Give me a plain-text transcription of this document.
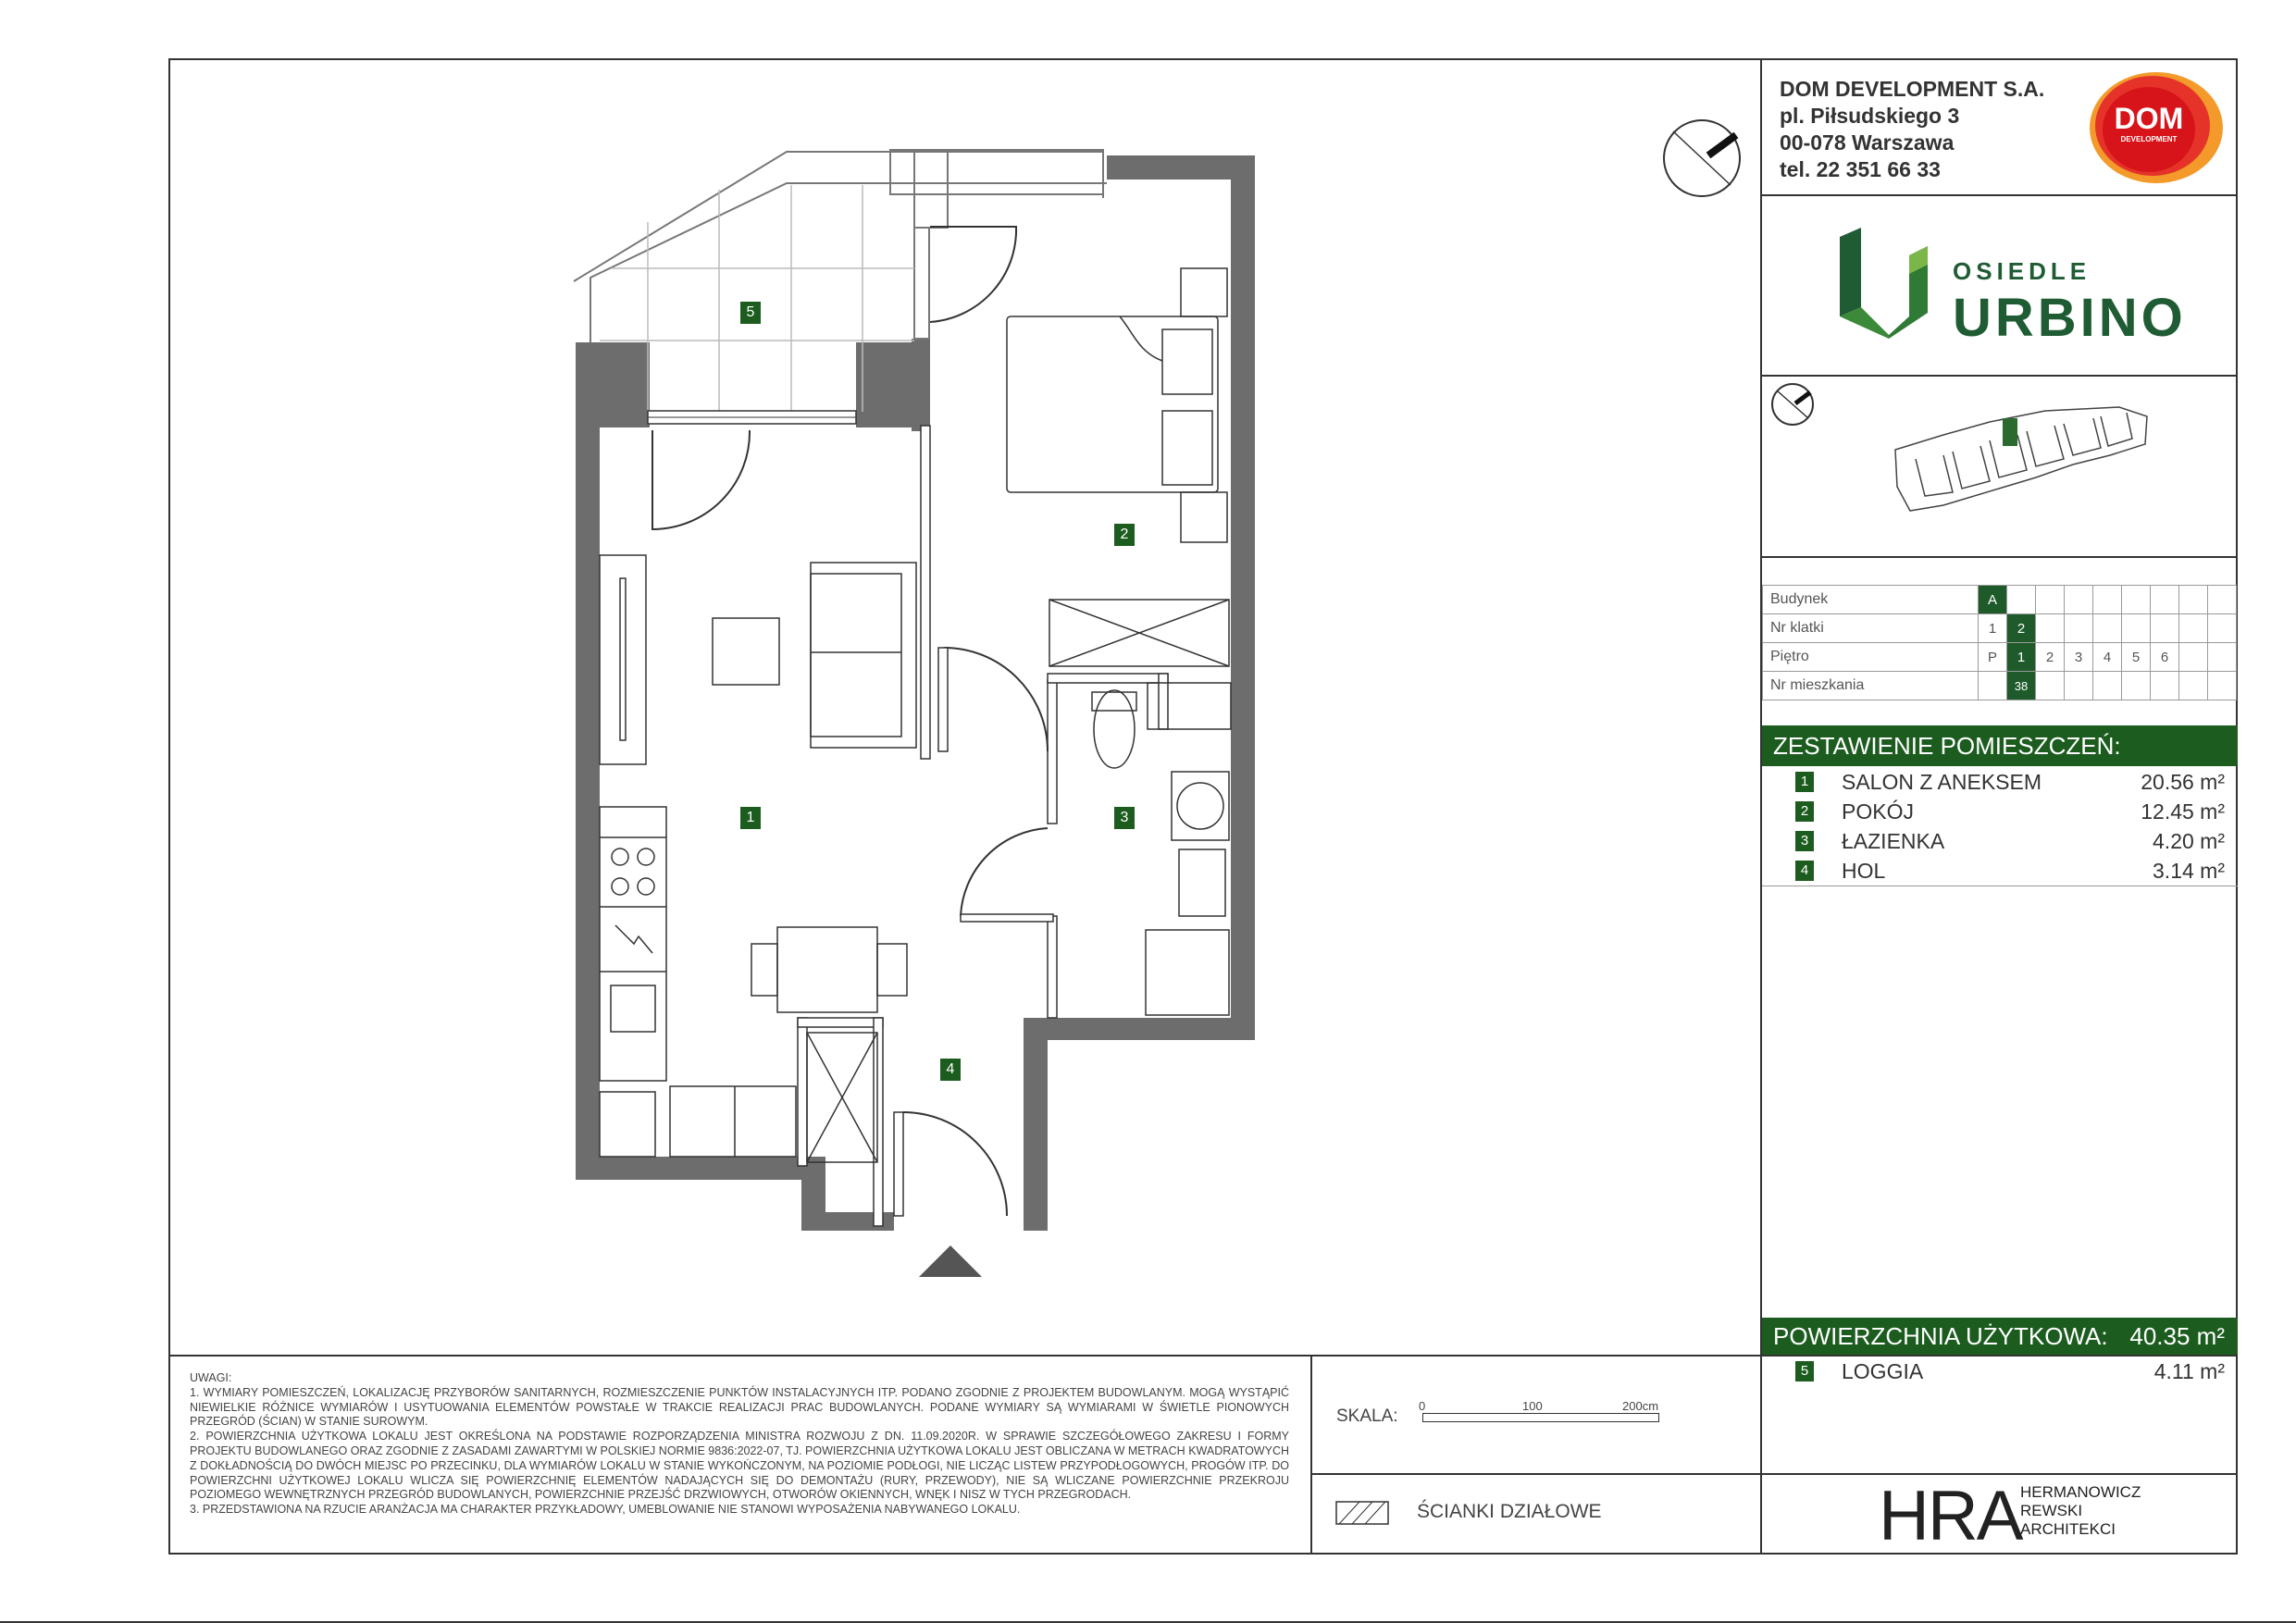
DOM DEVELOPMENT S.A.
pl. Piłsudskiego 3
00-078 Warszawa
tel. 22 351 66 33
DOM
DEVELOPMENT
OSIEDLE
URBINO
Budynek	A								
Nr klatki	1	2							
Piętro	P	1	2	3	4	5	6		
Nr mieszkania		38							
ZESTAWIENIE POMIESZCZEŃ:
1 SALON Z ANEKSEM	20.56 m²
2 POKÓJ	12.45 m²
3 ŁAZIENKA	4.20 m²
4 HOL	3.14 m²
POWIERZCHNIA UŻYTKOWA: 40.35 m²
5 LOGGIA	4.11 m²
5
2
1	3
4

UWAGI:

1. WYMIARY POMIESZCZEŃ, LOKALIZACJĘ PRZYBORÓW SANITARNYCH, ROZMIESZCZENIE PUNKTÓW INSTALACYJNYCH ITP. PODANO ZGODNIE Z PROJEKTEM BUDOWLANYM. MOGĄ WYSTĄPIĆ NIEWIELKIE RÓŻNICE WYMIARÓW I USYTUOWANIA ELEMENTÓW POWSTAŁE W TRAKCIE REALIZACJI PRAC BUDOWLANYCH. PODANE WYMIARY SĄ WYMIARAMI W ŚWIETLE PIONOWYCH PRZEGRÓD (ŚCIAN) W STANIE SUROWYM.

2. POWIERZCHNIA UŻYTKOWA LOKALU JEST OKREŚLONA NA PODSTAWIE ROZPORZĄDZENIA MINISTRA ROZWOJU Z DN. 11.09.2020R. W SPRAWIE SZCZEGÓŁOWEGO ZAKRESU I FORMY PROJEKTU BUDOWLANEGO ORAZ ZGODNIE Z ZASADAMI ZAWARTYMI W POLSKIEJ NORMIE 9836:2022-07, TJ. POWIERZCHNIA UŻYTKOWA LOKALU JEST OBLICZANA W METRACH KWADRATOWYCH Z DOKŁADNOŚCIĄ DO DWÓCH MIEJSC PO PRZECINKU, DLA WYMIARÓW LOKALU W STANIE WYKOŃCZONYM, NA POZIOMIE PODŁOGI, NIE LICZĄC LISTEW PRZYPODŁOGOWYCH, PROGÓW ITP. DO POWIERZCHNI UŻYTKOWEJ LOKALU WLICZA SIĘ POWIERZCHNIĘ ELEMENTÓW NADAJĄCYCH SIĘ DO DEMONTAŻU (RURY, PRZEWODY), NIE SĄ WLICZANE POWIERZCHNIE PRZEKROJU POZIOMEGO WEWNĘTRZNYCH PRZEGRÓD BUDOWLANYCH, POWIERZCHNIE PRZEJŚĆ DRZWIOWYCH, OTWORÓW OKIENNYCH, WNĘK I NISZ W TYCH PRZEGRODACH.

3. PRZEDSTAWIONA NA RZUCIE ARANŻACJA MA CHARAKTER PRZYKŁADOWY, UMEBLOWANIE NIE STANOWI WYPOSAŻENIA NABYWANEGO LOKALU.

SKALA:
0	100	200cm
ŚCIANKI DZIAŁOWE	HRA
HERMANOWICZ
REWSKI
ARCHITEKCI
